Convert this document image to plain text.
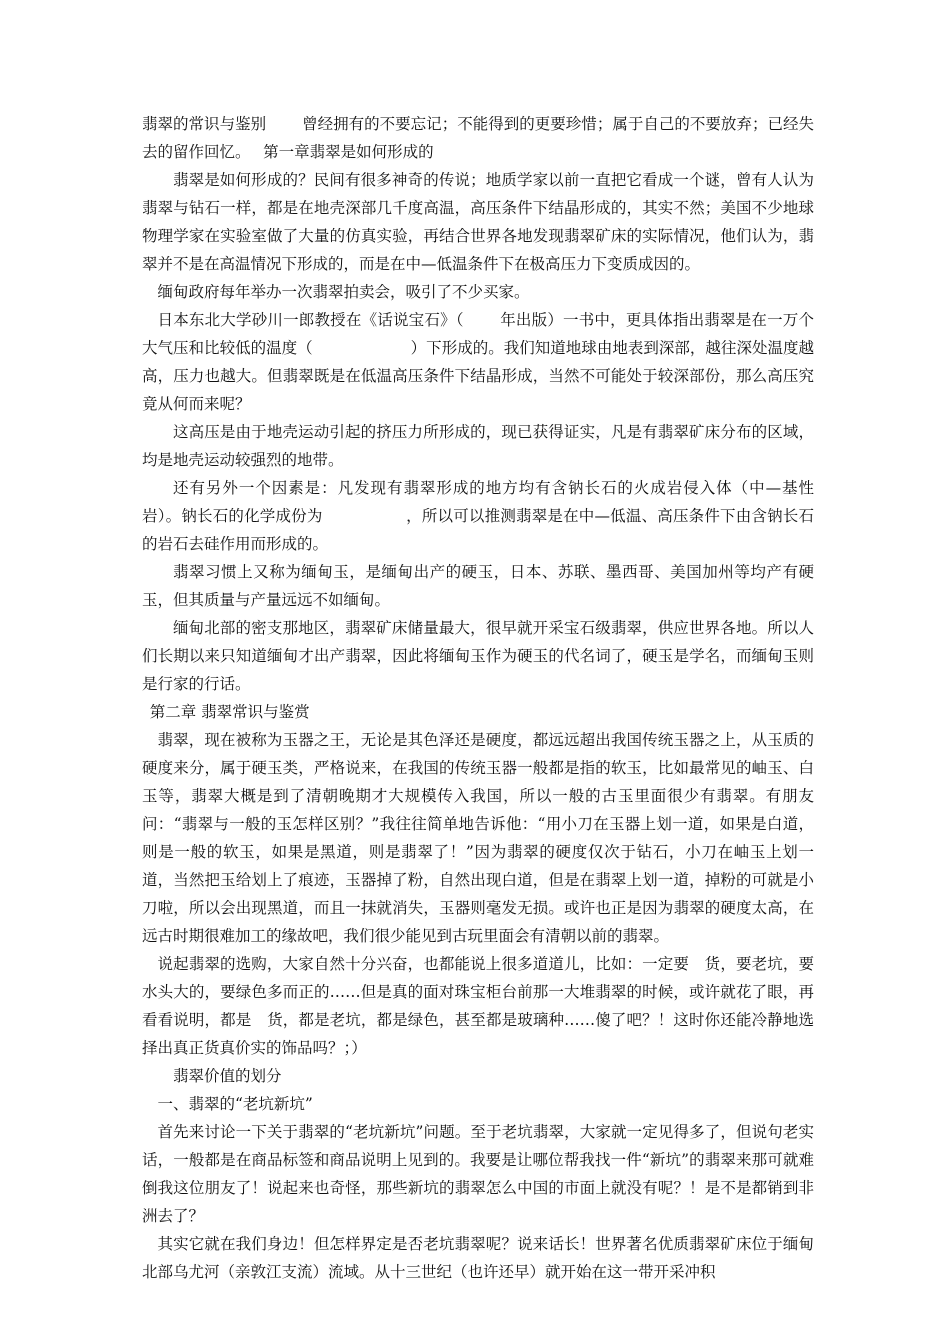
翡翠的常识与鉴别　　 曾经拥有的不要忘记；不能得到的更要珍惜；属于自己的不要放弃；已经失去的留作回忆。　 第一章翡翠是如何形成的

翡翠是如何形成的？民间有很多神奇的传说；地质学家以前一直把它看成一个谜，曾有人认为翡翠与钻石一样，都是在地壳深部几千度高温，高压条件下结晶形成的，其实不然；美国不少地球物理学家在实验室做了大量的仿真实验，再结合世界各地发现翡翠矿床的实际情况，他们认为，翡翠并不是在高温情况下形成的，而是在中—低温条件下在极高压力下变质成因的。

缅甸政府每年举办一次翡翠拍卖会，吸引了不少买家。

日本东北大学砂川一郎教授在《话说宝石》（　　 年出版）一书中，更具体指出翡翠是在一万个大气压和比较低的温度（　　　　　　 ）下形成的。我们知道地球由地表到深部，越往深处温度越高，压力也越大。但翡翠既是在低温高压条件下结晶形成，当然不可能处于较深部份，那么高压究竟从何而来呢？

这高压是由于地壳运动引起的挤压力所形成的，现已获得证实，凡是有翡翠矿床分布的区域，均是地壳运动较强烈的地带。

还有另外一个因素是：凡发现有翡翠形成的地方均有含钠长石的火成岩侵入体（中—基性岩）。钠长石的化学成份为　　　　　 ，所以可以推测翡翠是在中—低温、高压条件下由含钠长石的岩石去硅作用而形成的。

翡翠习惯上又称为缅甸玉，是缅甸出产的硬玉，日本、苏联、墨西哥、美国加州等均产有硬玉，但其质量与产量远远不如缅甸。

缅甸北部的密支那地区，翡翠矿床储量最大，很早就开采宝石级翡翠，供应世界各地。所以人们长期以来只知道缅甸才出产翡翠，因此将缅甸玉作为硬玉的代名词了，硬玉是学名，而缅甸玉则是行家的行话。

第二章 翡翠常识与鉴赏

翡翠，现在被称为玉器之王，无论是其色泽还是硬度，都远远超出我国传统玉器之上，从玉质的硬度来分，属于硬玉类，严格说来，在我国的传统玉器一般都是指的软玉，比如最常见的岫玉、白玉等，翡翠大概是到了清朝晚期才大规模传入我国，所以一般的古玉里面很少有翡翠。有朋友问：“翡翠与一般的玉怎样区别？”我往往简单地告诉他：“用小刀在玉器上划一道，如果是白道，则是一般的软玉，如果是黑道，则是翡翠了！”因为翡翠的硬度仅次于钻石，小刀在岫玉上划一道，当然把玉给划上了痕迹，玉器掉了粉，自然出现白道，但是在翡翠上划一道，掉粉的可就是小刀啦，所以会出现黑道，而且一抹就消失，玉器则毫发无损。或许也正是因为翡翠的硬度太高，在远古时期很难加工的缘故吧，我们很少能见到古玩里面会有清朝以前的翡翠。

说起翡翠的选购，大家自然十分兴奋，也都能说上很多道道儿，比如：一定要　货，要老坑，要水头大的，要绿色多而正的……但是真的面对珠宝柜台前那一大堆翡翠的时候，或许就花了眼，再看看说明，都是　货，都是老坑，都是绿色，甚至都是玻璃种……傻了吧？！这时你还能冷静地选择出真正货真价实的饰品吗？；）

翡翠价值的划分

一、翡翠的“老坑新坑”

首先来讨论一下关于翡翠的“老坑新坑”问题。至于老坑翡翠，大家就一定见得多了，但说句老实话，一般都是在商品标签和商品说明上见到的。我要是让哪位帮我找一件“新坑”的翡翠来那可就难倒我这位朋友了！说起来也奇怪，那些新坑的翡翠怎么中国的市面上就没有呢？！是不是都销到非洲去了？

其实它就在我们身边！但怎样界定是否老坑翡翠呢？说来话长！世界著名优质翡翠矿床位于缅甸北部乌尤河（亲敦江支流）流域。从十三世纪（也许还早）就开始在这一带开采冲积
